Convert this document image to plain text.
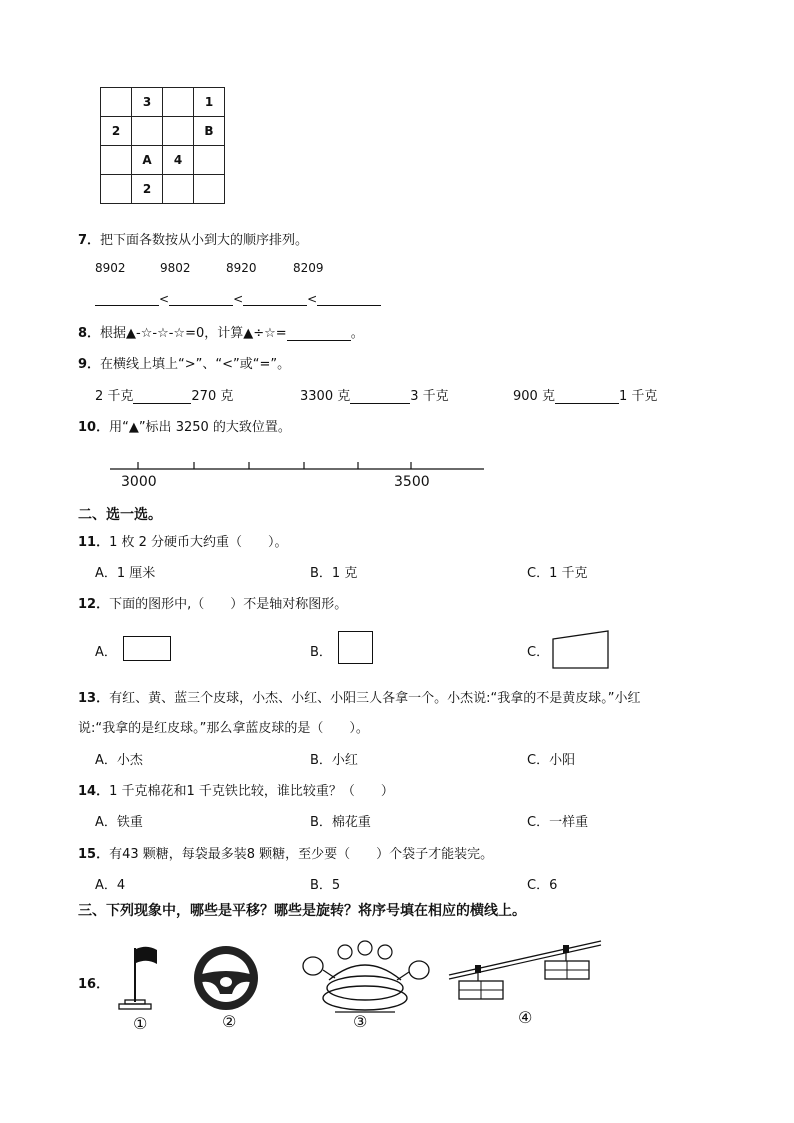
	3		1
2			B
	A	4	
	2		
7．把下面各数按从小到大的顺序排列。
8902	9802	8920	8209
<	<	<
8．根据▲-☆-☆-☆=0，计算▲÷☆=	。
9．在横线上填上“>”、“<”或“=”。
2 千克	270 克	3300 克	3 千克	900 克	1 千克
10．用“▲”标出 3250 的大致位置。
3000	3500
二、选一选。
11．1 枚 2 分硬币大约重（　　）。
A．1 厘米	B．1 克	C．1 千克
12．下面的图形中,（　　）不是轴对称图形。
A．	B．	C．
13．有红、黄、蓝三个皮球，小杰、小红、小阳三人各拿一个。小杰说:“我拿的不是黄皮球。”小红
说:“我拿的是红皮球。”那么拿蓝皮球的是（　　）。
A．小杰	B．小红	C．小阳
14．1 千克棉花和1 千克铁比较，谁比较重？（　　）
A．铁重	B．棉花重	C．一样重
15．有43 颗糖，每袋最多装8 颗糖，至少要（　　）个袋子才能装完。
A．4	B．5	C．6
三、下列现象中，哪些是平移？哪些是旋转？将序号填在相应的横线上。
16．
①	②	③	④
